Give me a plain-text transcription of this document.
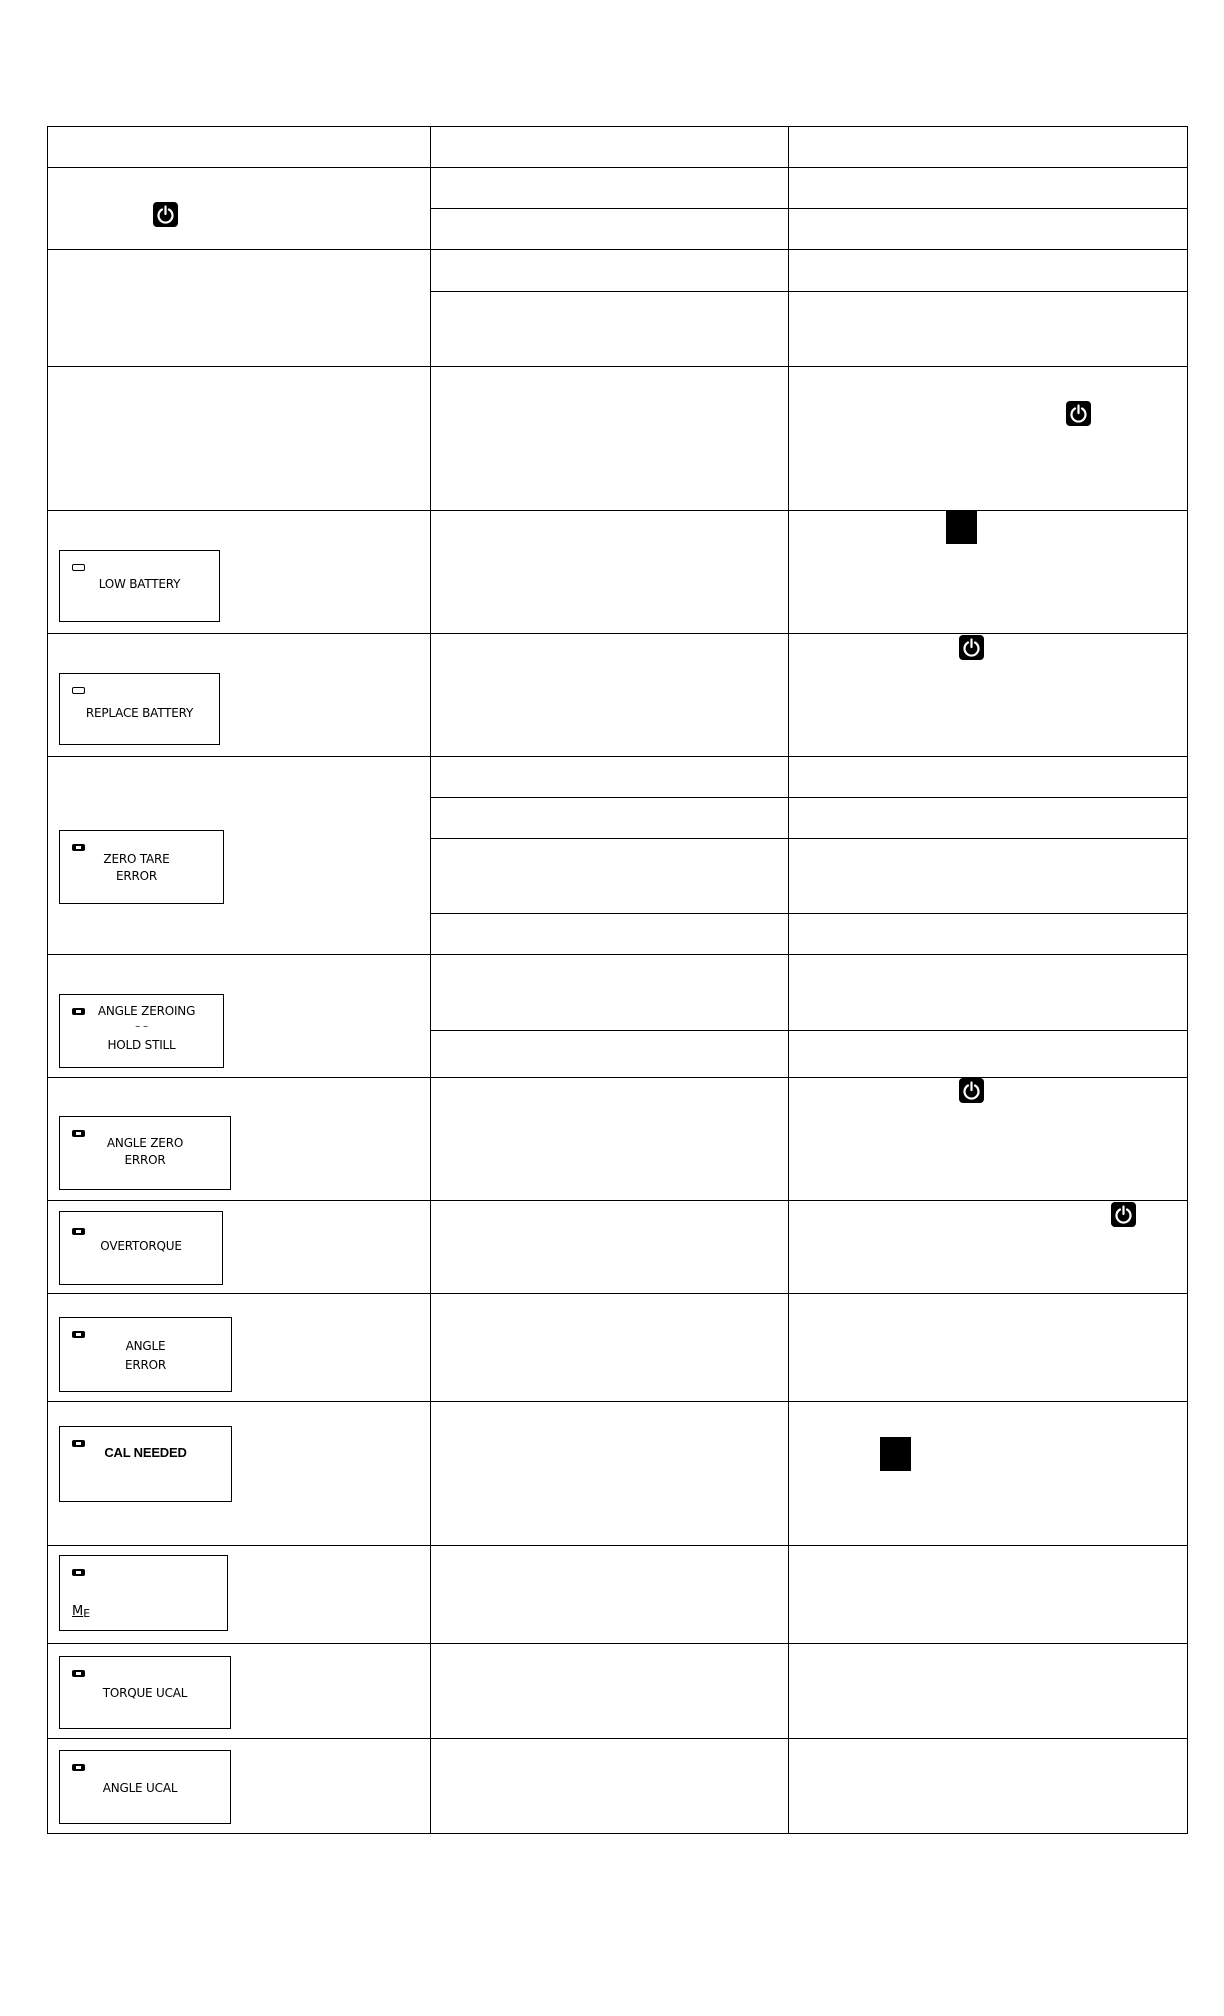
LOW BATTERY
REPLACE BATTERY
ZERO TARE
ERROR
ANGLE ZEROING
– –
HOLD STILL
ANGLE ZERO
ERROR
OVERTORQUE
ANGLE
ERROR
CAL NEEDED
$M_E$
TORQUE UCAL
ANGLE UCAL
